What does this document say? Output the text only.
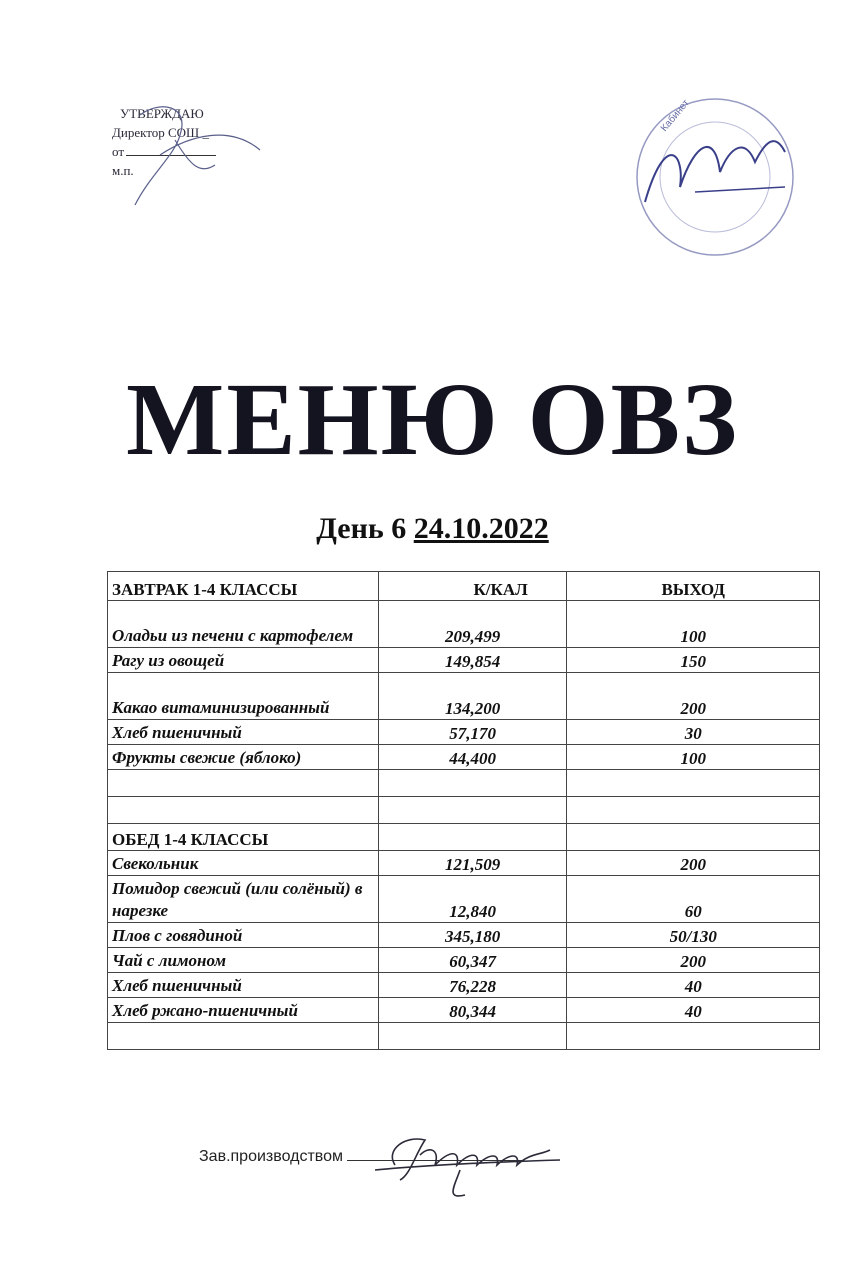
УТВЕРЖДАЮ
Директор СОШ _
от
м.п.
Кабинет
МЕНЮ ОВЗ
День 6 24.10.2022
ЗАВТРАК 1-4 КЛАССЫ	К/КАЛ	ВЫХОД
Оладьи из печени с картофелем	209,499	100
Рагу из овощей	149,854	150
Какао витаминизированный	134,200	200
Хлеб пшеничный	57,170	30
Фрукты свежие (яблоко)	44,400	100

ОБЕД 1-4 КЛАССЫ		
Свекольник	121,509	200
Помидор свежий (или солёный) в нарезке	12,840	60
Плов с говядиной	345,180	50/130
Чай с лимоном	60,347	200
Хлеб пшеничный	76,228	40
Хлеб ржано-пшеничный	80,344	40

Зав.производством
